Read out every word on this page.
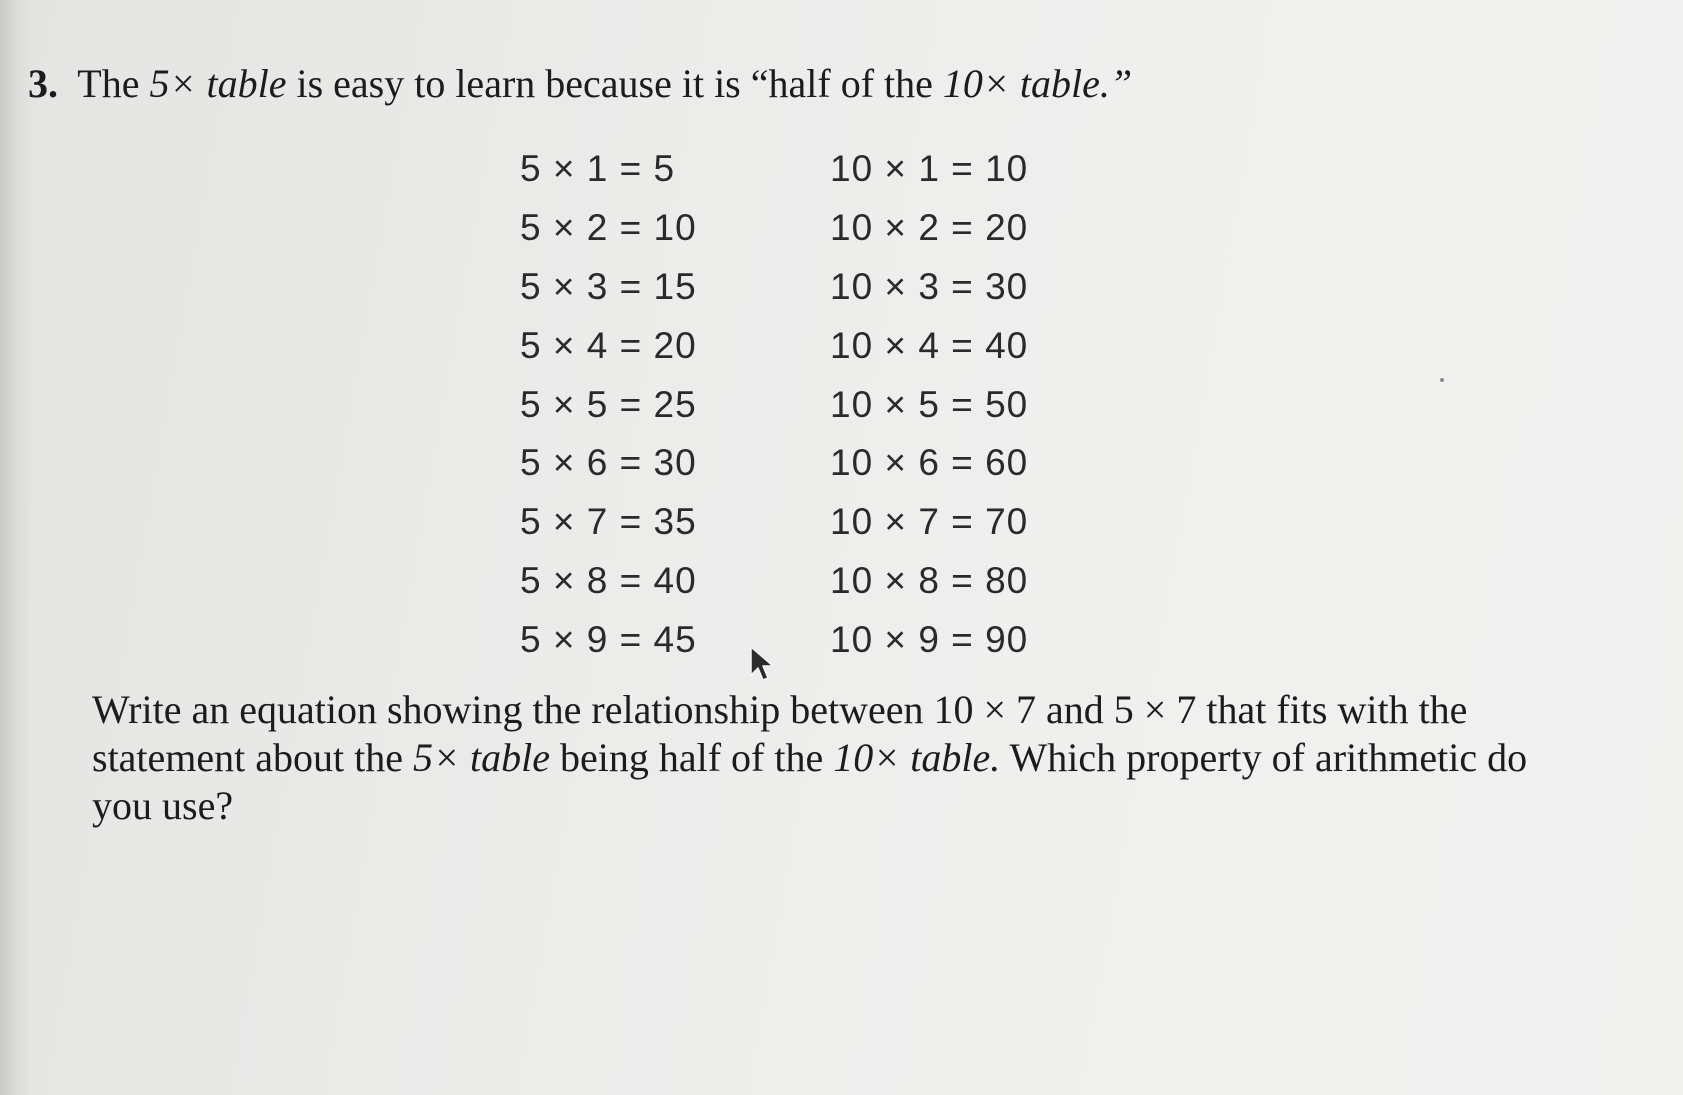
3. The 5× table is easy to learn because it is “half of the 10× table.”
5 × 1 = 5	10 × 1 = 10
5 × 2 = 10	10 × 2 = 20
5 × 3 = 15	10 × 3 = 30
5 × 4 = 20	10 × 4 = 40
5 × 5 = 25	10 × 5 = 50
5 × 6 = 30	10 × 6 = 60
5 × 7 = 35	10 × 7 = 70
5 × 8 = 40	10 × 8 = 80
5 × 9 = 45	10 × 9 = 90
Write an equation showing the relationship between 10 × 7 and 5 × 7 that fits with the statement about the 5× table being half of the 10× table. Which property of arithmetic do you use?
